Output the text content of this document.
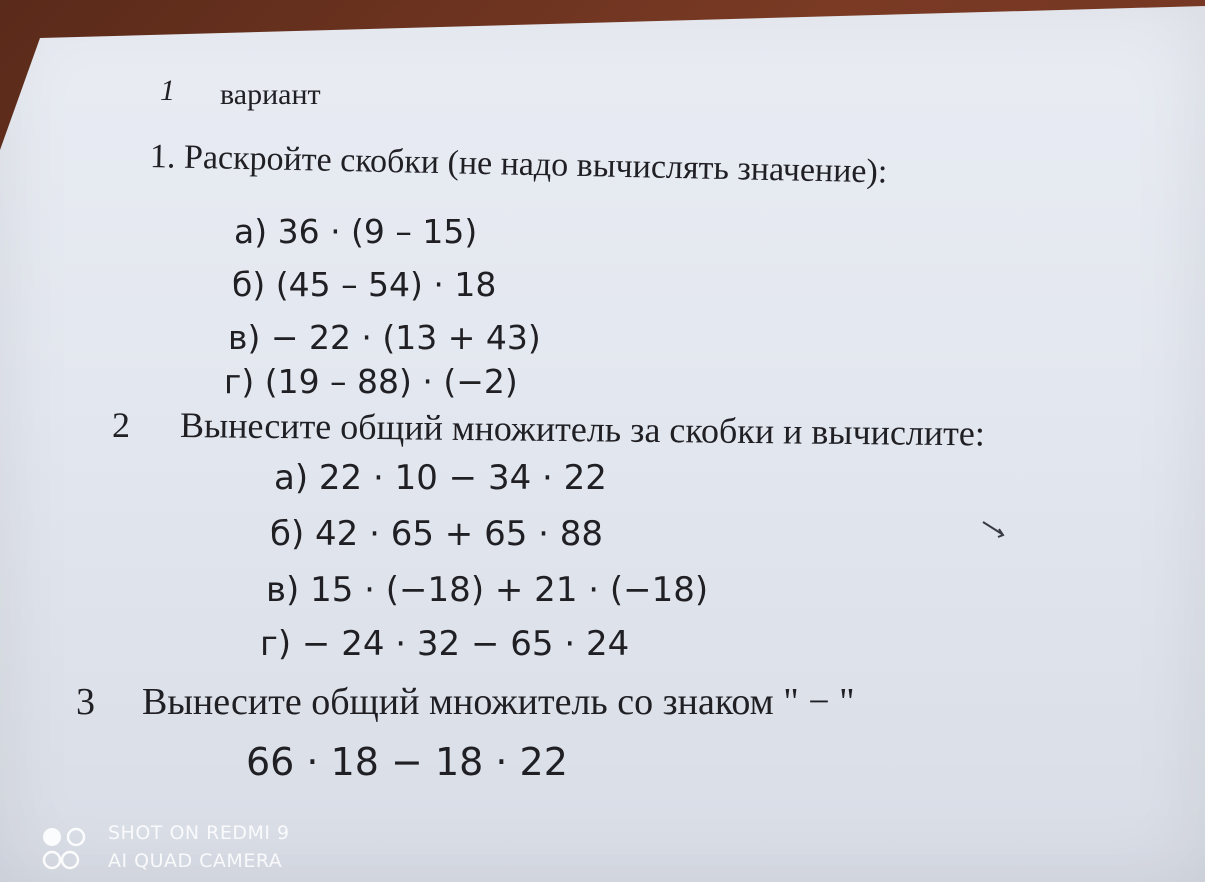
1 вариант
1. Раскройте скобки (не надо вычислять значение):
а) 36 · (9 – 15)
б) (45 – 54) · 18
в) − 22 · (13 + 43)
г) (19 – 88) · (−2)
2 Вынесите общий множитель за скобки и вычислите:
а) 22 · 10 − 34 · 22
б) 42 · 65 + 65 · 88
в) 15 · (−18) + 21 · (−18)
г) − 24 · 32 − 65 · 24
3 Вынесите общий множитель со знаком " − "
66 · 18 − 18 · 22
SHOT ON REDMI 9
AI QUAD CAMERA
